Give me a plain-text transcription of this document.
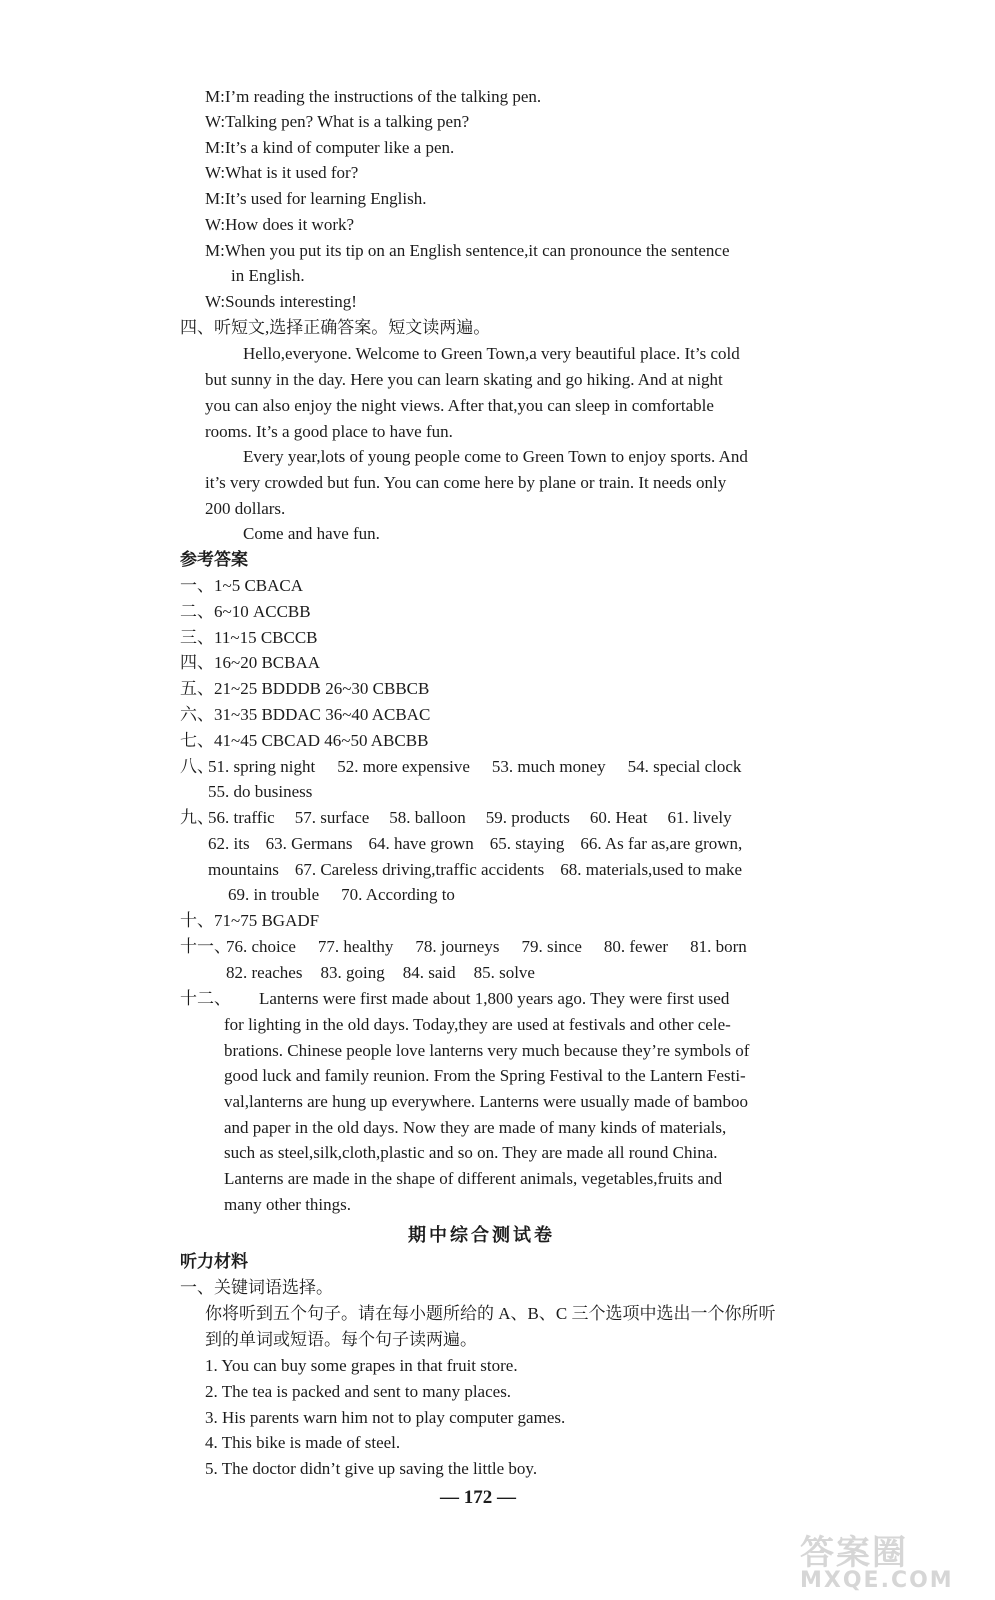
M:I’m reading the instructions of the talking pen.
W:Talking pen? What is a talking pen?
M:It’s a kind of computer like a pen.
W:What is it used for?
M:It’s used for learning English.
W:How does it work?
M:When you put its tip on an English sentence,it can pronounce the sentence
in English.
W:Sounds interesting!
四、听短文,选择正确答案。短文读两遍。
Hello,everyone. Welcome to Green Town,a very beautiful place. It’s cold
but sunny in the day. Here you can learn skating and go hiking. And at night
you can also enjoy the night views. After that,you can sleep in comfortable
rooms. It’s a good place to have fun.
Every year,lots of young people come to Green Town to enjoy sports. And
it’s very crowded but fun. You can come here by plane or train. It needs only
200 dollars.
Come and have fun.
参考答案
一、1~5 CBACA
二、6~10 ACCBB
三、11~15 CBCCB
四、16~20 BCBAA
五、21~25 BDDDB 26~30 CBBCB
六、31~35 BDDAC 36~40 ACBAC
七、41~45 CBCAD 46~50 ABCBB
八、
51. spring night 52. more expensive 53. much money 54. special clock
55. do business
九、
56. traffic 57. surface 58. balloon 59. products 60. Heat 61. lively
62. its 63. Germans 64. have grown 65. staying 66. As far as,are grown,
mountains 67. Careless driving,traffic accidents 68. materials,used to make
69. in trouble 70. According to
十、71~75 BGADF
十一、
76. choice 77. healthy 78. journeys 79. since 80. fewer 81. born
82. reaches 83. going 84. said 85. solve
十二、 Lanterns were first made about 1,800 years ago. They were first used
for lighting in the old days. Today,they are used at festivals and other cele-
brations. Chinese people love lanterns very much because they’re symbols of
good luck and family reunion. From the Spring Festival to the Lantern Festi-
val,lanterns are hung up everywhere. Lanterns were usually made of bamboo
and paper in the old days. Now they are made of many kinds of materials,
such as steel,silk,cloth,plastic and so on. They are made all round China.
Lanterns are made in the shape of different animals, vegetables,fruits and
many other things.
期中综合测试卷
听力材料
一、关键词语选择。
你将听到五个句子。请在每小题所给的 A、B、C 三个选项中选出一个你所听
到的单词或短语。每个句子读两遍。
1. You can buy some grapes in that fruit store.
2. The tea is packed and sent to many places.
3. His parents warn him not to play computer games.
4. This bike is made of steel.
5. The doctor didn’t give up saving the little boy.
— 172 —
答案圈
MXQE.COM
